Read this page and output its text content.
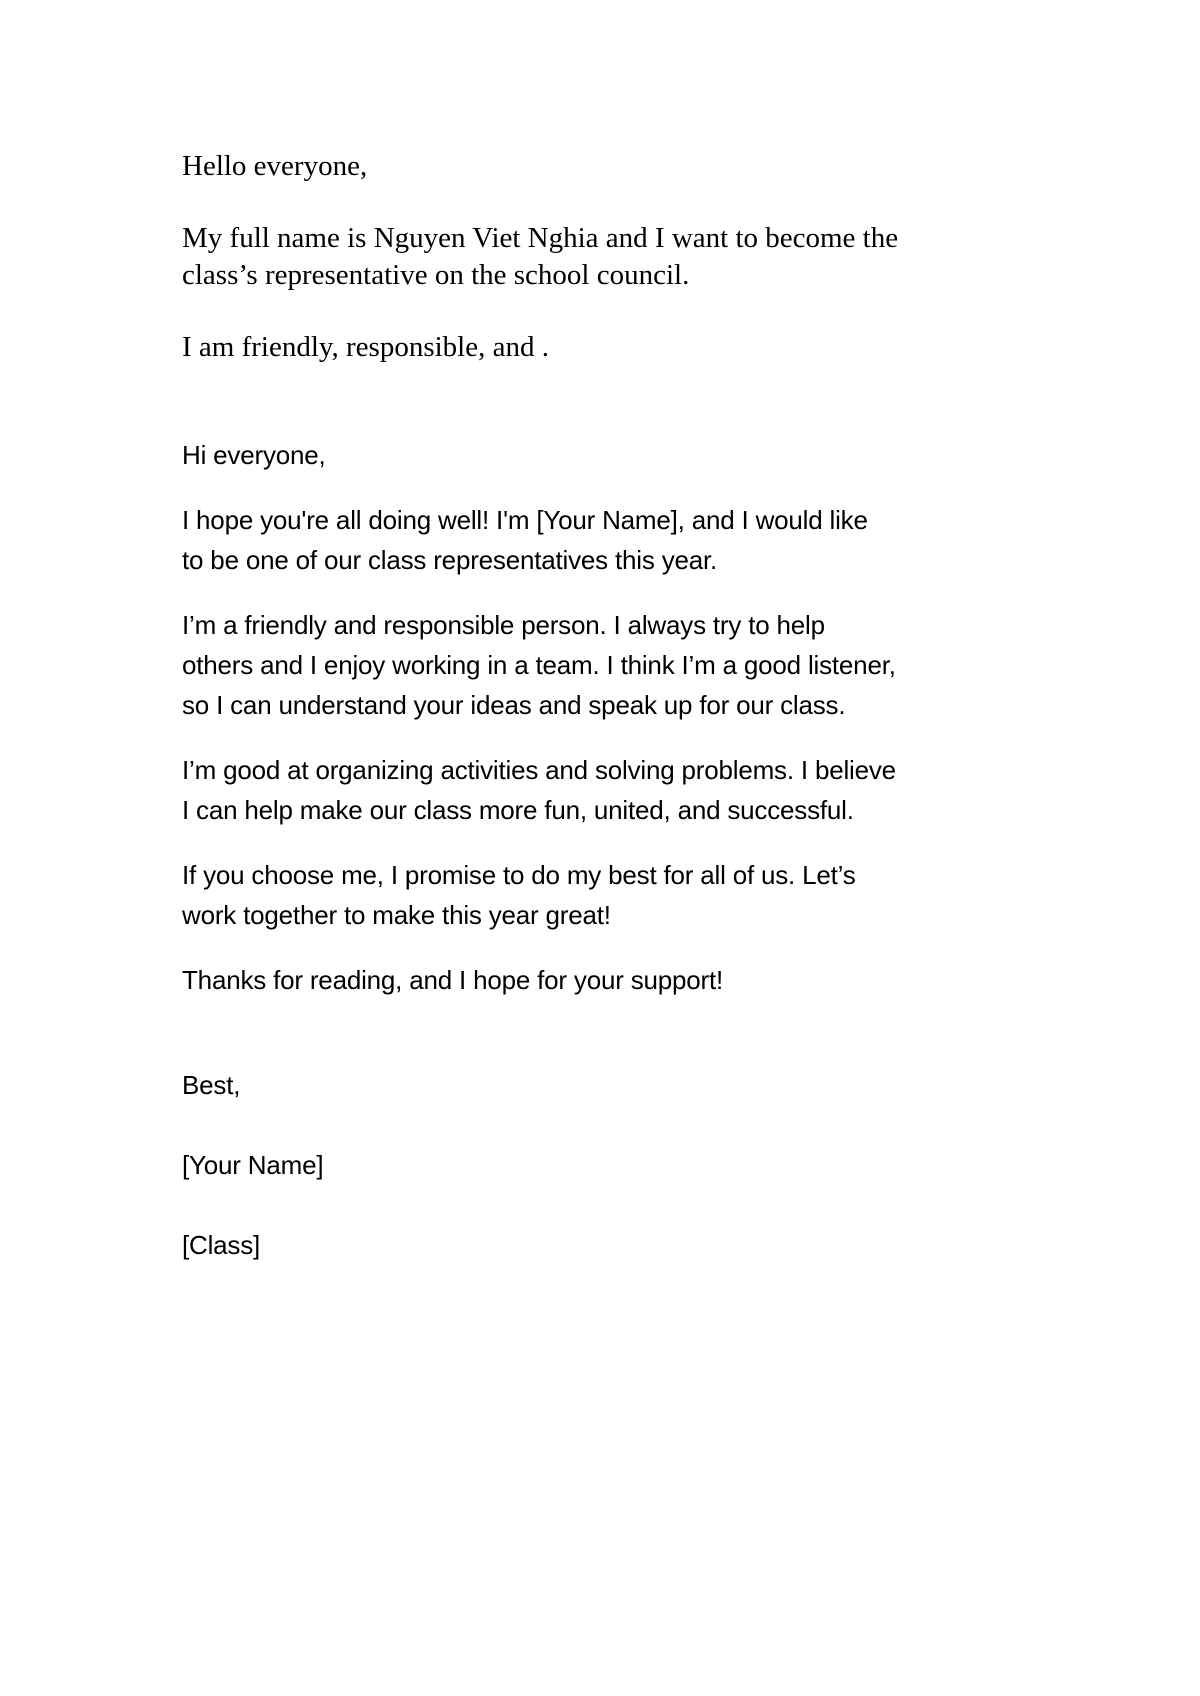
Hello everyone,

My full name is Nguyen Viet Nghia and I want to become the
class’s representative on the school council.

I am friendly, responsible, and .

Hi everyone,

I hope you're all doing well! I'm [Your Name], and I would like
to be one of our class representatives this year.

I’m a friendly and responsible person. I always try to help
others and I enjoy working in a team. I think I’m a good listener,
so I can understand your ideas and speak up for our class.

I’m good at organizing activities and solving problems. I believe
I can help make our class more fun, united, and successful.

If you choose me, I promise to do my best for all of us. Let’s
work together to make this year great!

Thanks for reading, and I hope for your support!

Best,

[Your Name]

[Class]
